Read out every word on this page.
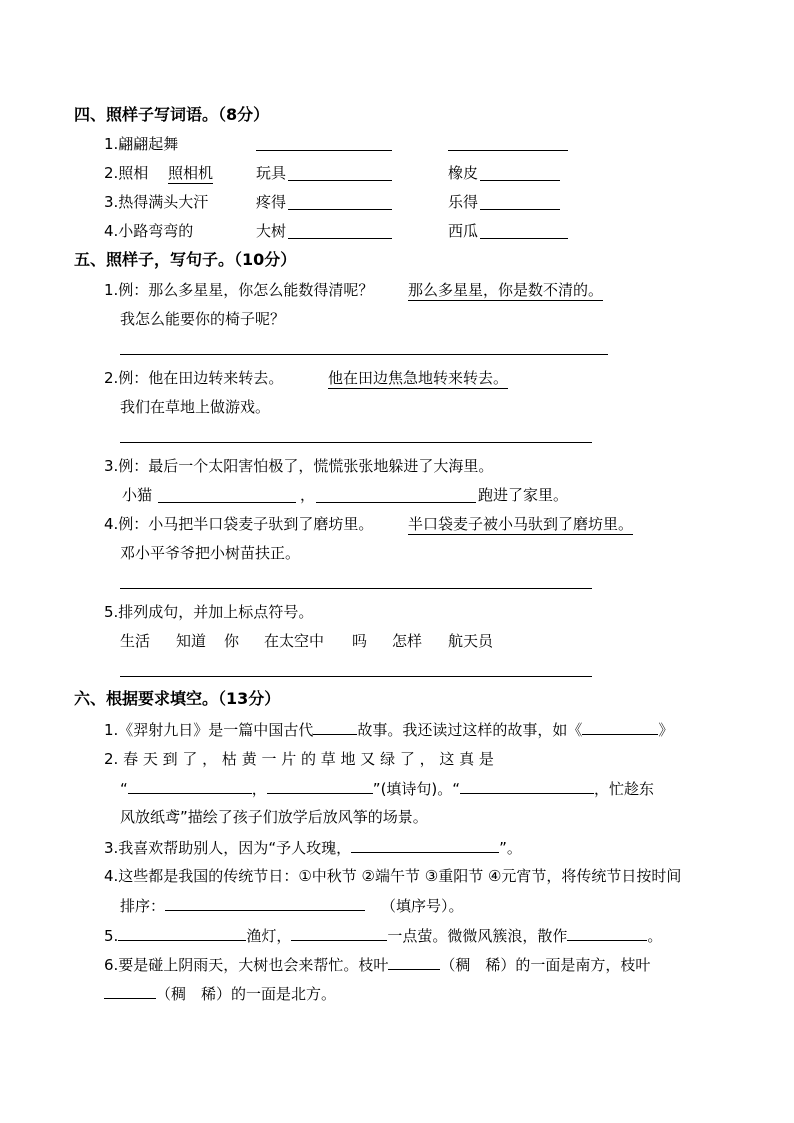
四、照样子写词语。（8分）
1.翩翩起舞
2.照相 照相机	玩具	橡皮
3.热得满头大汗	疼得	乐得
4.小路弯弯的	大树	西瓜
五、照样子，写句子。（10分）
1.例：那么多星星，你怎么能数得清呢？ 那么多星星，你是数不清的。
我怎么能要你的椅子呢？
2.例：他在田边转来转去。	他在田边焦急地转来转去。
我们在草地上做游戏。
3.例：最后一个太阳害怕极了，慌慌张张地躲进了大海里。
小猫	，	跑进了家里。
4.例：小马把半口袋麦子驮到了磨坊里。 半口袋麦子被小马驮到了磨坊里。
邓小平爷爷把小树苗扶正。
5.排列成句，并加上标点符号。
生活 知道 你 在太空中 吗 怎样 航天员
六、根据要求填空。（13分）
1.《羿射九日》是一篇中国古代	故事。我还读过这样的故事，如《	》
2. 春 天 到 了 ， 枯 黄 一 片 的 草 地 又 绿 了 ， 这 真 是
“	，	”(填诗句)。“	，忙趁东
风放纸鸢”描绘了孩子们放学后放风筝的场景。
3.我喜欢帮助别人，因为“予人玫瑰，	”。
4.这些都是我国的传统节日：①中秋节 ②端午节 ③重阳节 ④元宵节，将传统节日按时间
排序：	（填序号）。
5.	渔灯，	一点萤。微微风簇浪，散作	。
6.要是碰上阴雨天，大树也会来帮忙。枝叶	（稠　稀）的一面是南方，枝叶
（稠　稀）的一面是北方。
